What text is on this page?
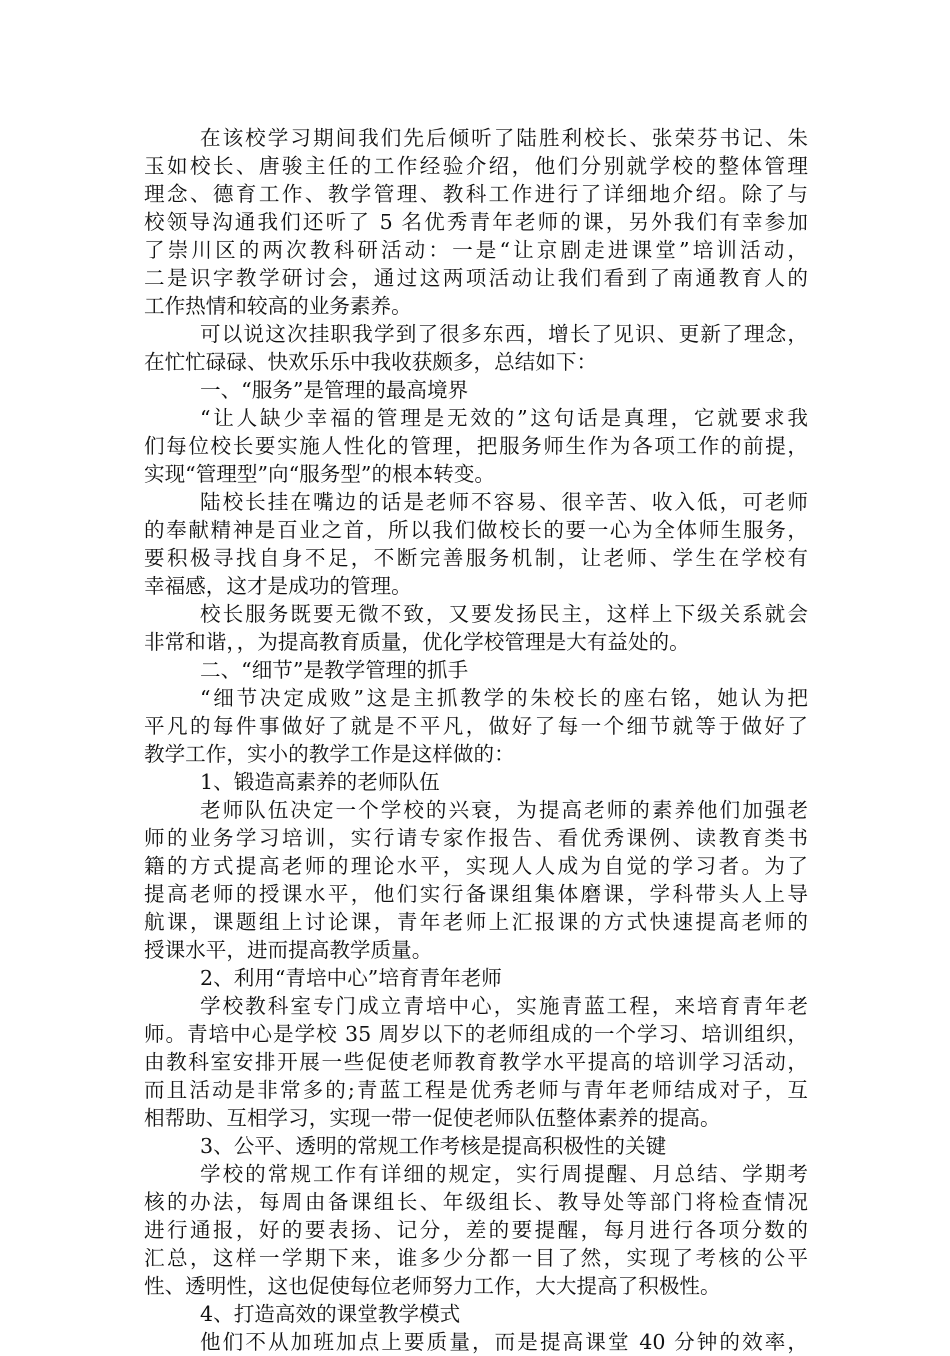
在该校学习期间我们先后倾听了陆胜利校长、张荣芬书记、朱
玉如校长、唐骏主任的工作经验介绍，他们分别就学校的整体管理
理念、德育工作、教学管理、教科工作进行了详细地介绍。除了与
校领导沟通我们还听了 5 名优秀青年老师的课，另外我们有幸参加
了崇川区的两次教科研活动：一是“让京剧走进课堂”培训活动，
二是识字教学研讨会，通过这两项活动让我们看到了南通教育人的
工作热情和较高的业务素养。
可以说这次挂职我学到了很多东西，增长了见识、更新了理念，
在忙忙碌碌、快欢乐乐中我收获颇多，总结如下：
一、“服务”是管理的最高境界
“让人缺少幸福的管理是无效的”这句话是真理，它就要求我
们每位校长要实施人性化的管理，把服务师生作为各项工作的前提，
实现“管理型”向“服务型”的根本转变。
陆校长挂在嘴边的话是老师不容易、很辛苦、收入低，可老师
的奉献精神是百业之首，所以我们做校长的要一心为全体师生服务，
要积极寻找自身不足，不断完善服务机制，让老师、学生在学校有
幸福感，这才是成功的管理。
校长服务既要无微不致，又要发扬民主，这样上下级关系就会
非常和谐，，为提高教育质量，优化学校管理是大有益处的。
二、“细节”是教学管理的抓手
“细节决定成败”这是主抓教学的朱校长的座右铭，她认为把
平凡的每件事做好了就是不平凡，做好了每一个细节就等于做好了
教学工作，实小的教学工作是这样做的：
1、锻造高素养的老师队伍
老师队伍决定一个学校的兴衰，为提高老师的素养他们加强老
师的业务学习培训，实行请专家作报告、看优秀课例、读教育类书
籍的方式提高老师的理论水平，实现人人成为自觉的学习者。为了
提高老师的授课水平，他们实行备课组集体磨课，学科带头人上导
航课，课题组上讨论课，青年老师上汇报课的方式快速提高老师的
授课水平，进而提高教学质量。
2、利用“青培中心”培育青年老师
学校教科室专门成立青培中心，实施青蓝工程，来培育青年老
师。青培中心是学校 35 周岁以下的老师组成的一个学习、培训组织，
由教科室安排开展一些促使老师教育教学水平提高的培训学习活动，
而且活动是非常多的;青蓝工程是优秀老师与青年老师结成对子，互
相帮助、互相学习，实现一带一促使老师队伍整体素养的提高。
3、公平、透明的常规工作考核是提高积极性的关键
学校的常规工作有详细的规定，实行周提醒、月总结、学期考
核的办法，每周由备课组长、年级组长、教导处等部门将检查情况
进行通报，好的要表扬、记分，差的要提醒，每月进行各项分数的
汇总，这样一学期下来，谁多少分都一目了然，实现了考核的公平
性、透明性，这也促使每位老师努力工作，大大提高了积极性。
4、打造高效的课堂教学模式
他们不从加班加点上要质量，而是提高课堂 40 分钟的效率，
